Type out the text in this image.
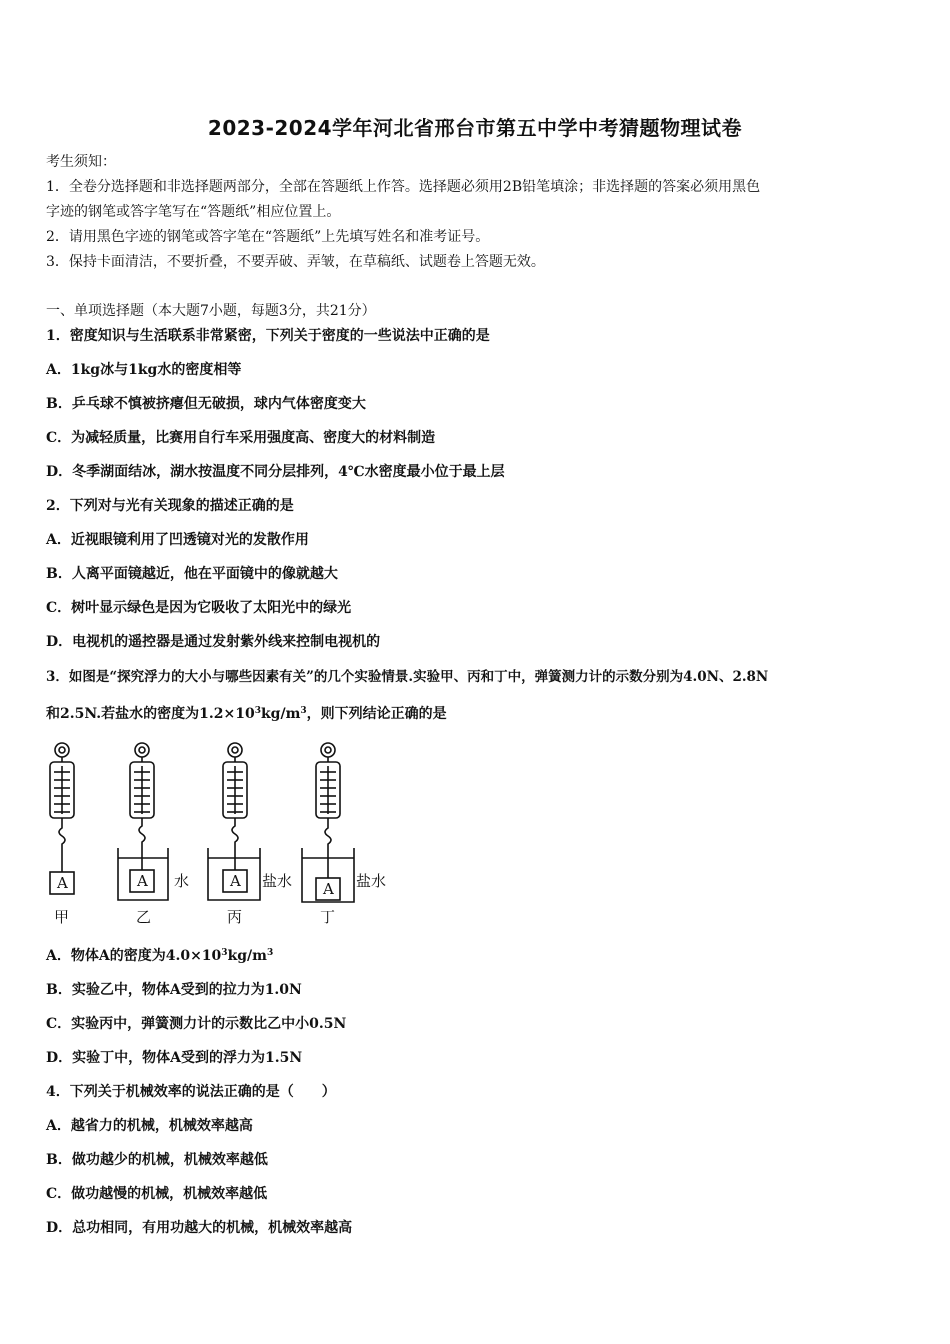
2023-2024学年河北省邢台市第五中学中考猜题物理试卷
考生须知：
1．全卷分选择题和非选择题两部分，全部在答题纸上作答。选择题必须用2B铅笔填涂；非选择题的答案必须用黑色
字迹的钢笔或答字笔写在“答题纸”相应位置上。
2．请用黑色字迹的钢笔或答字笔在“答题纸”上先填写姓名和准考证号。
3．保持卡面清洁，不要折叠，不要弄破、弄皱，在草稿纸、试题卷上答题无效。
一、单项选择题（本大题7小题，每题3分，共21分）
1．密度知识与生活联系非常紧密，下列关于密度的一些说法中正确的是
A．1kg冰与1kg水的密度相等
B．乒乓球不慎被挤瘪但无破损，球内气体密度变大
C．为减轻质量，比赛用自行车采用强度高、密度大的材料制造
D．冬季湖面结冰，湖水按温度不同分层排列，4℃水密度最小位于最上层
2．下列对与光有关现象的描述正确的是
A．近视眼镜利用了凹透镜对光的发散作用
B．人离平面镜越近，他在平面镜中的像就越大
C．树叶显示绿色是因为它吸收了太阳光中的绿光
D．电视机的遥控器是通过发射紫外线来控制电视机的
3．如图是“探究浮力的大小与哪些因素有关”的几个实验情景.实验甲、丙和丁中，弹簧测力计的示数分别为4.0N、2.8N
和2.5N.若盐水的密度为$1.2\times 10^3kg/m^3$，则下列结论正确的是
A	A	A	A
水	盐水	盐水
甲	乙	丙	丁
A．物体A的密度为$4.0\times 10^3kg/m^3$
B．实验乙中，物体A受到的拉力为1.0N
C．实验丙中，弹簧测力计的示数比乙中小0.5N
D．实验丁中，物体A受到的浮力为1.5N
4．下列关于机械效率的说法正确的是（　　）
A．越省力的机械，机械效率越高
B．做功越少的机械，机械效率越低
C．做功越慢的机械，机械效率越低
D．总功相同，有用功越大的机械，机械效率越高
